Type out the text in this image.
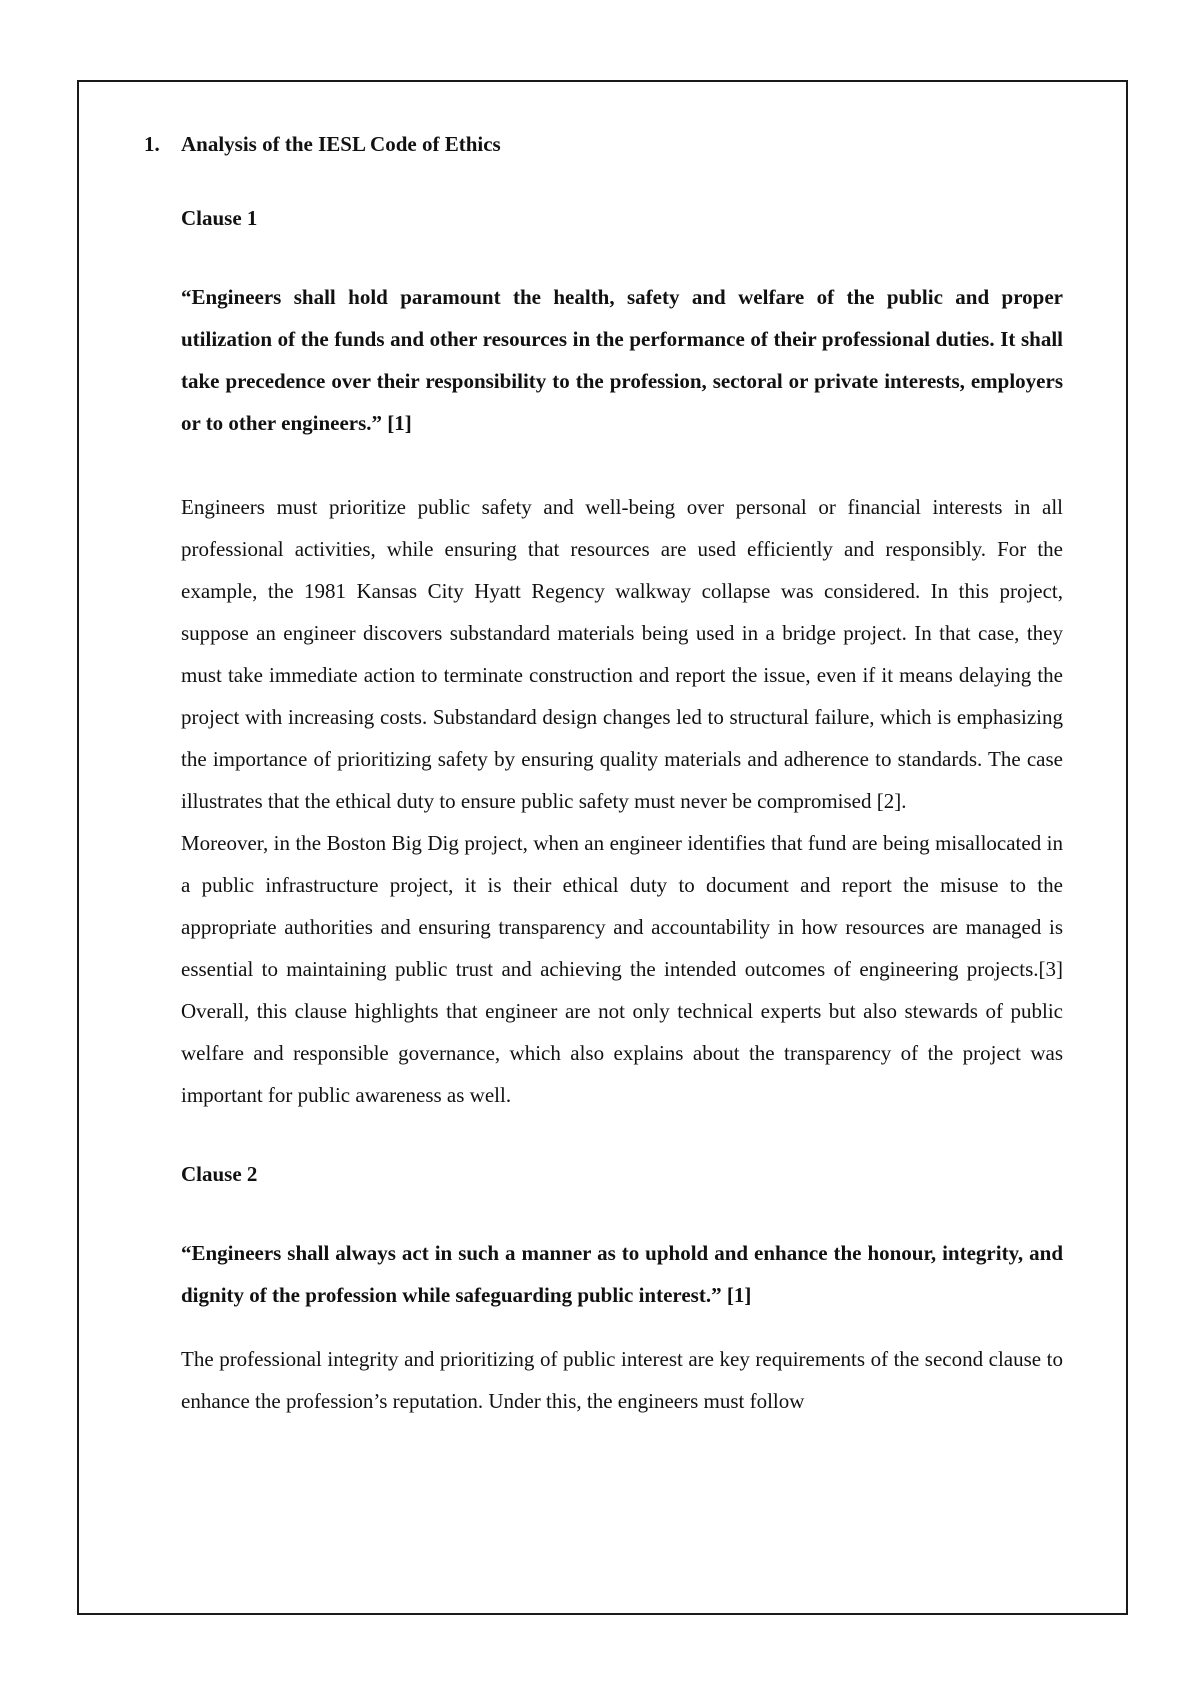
1. Analysis of the IESL Code of Ethics
Clause 1

“Engineers shall hold paramount the health, safety and welfare of the public and proper utilization of the funds and other resources in the performance of their professional duties. It shall take precedence over their responsibility to the profession, sectoral or private interests, employers or to other engineers.” [1]

Engineers must prioritize public safety and well-being over personal or financial interests in all professional activities, while ensuring that resources are used efficiently and responsibly. For the example, the 1981 Kansas City Hyatt Regency walkway collapse was considered. In this project, suppose an engineer discovers substandard materials being used in a bridge project. In that case, they must take immediate action to terminate construction and report the issue, even if it means delaying the project with increasing costs. Substandard design changes led to structural failure, which is emphasizing the importance of prioritizing safety by ensuring quality materials and adherence to standards. The case illustrates that the ethical duty to ensure public safety must never be compromised [2].

Moreover, in the Boston Big Dig project, when an engineer identifies that fund are being misallocated in a public infrastructure project, it is their ethical duty to document and report the misuse to the appropriate authorities and ensuring transparency and accountability in how resources are managed is essential to maintaining public trust and achieving the intended outcomes of engineering projects.[3] Overall, this clause highlights that engineer are not only technical experts but also stewards of public welfare and responsible governance, which also explains about the transparency of the project was important for public awareness as well.

Clause 2

“Engineers shall always act in such a manner as to uphold and enhance the honour, integrity, and dignity of the profession while safeguarding public interest.” [1]

The professional integrity and prioritizing of public interest are key requirements of the second clause to enhance the profession’s reputation. Under this, the engineers must follow
